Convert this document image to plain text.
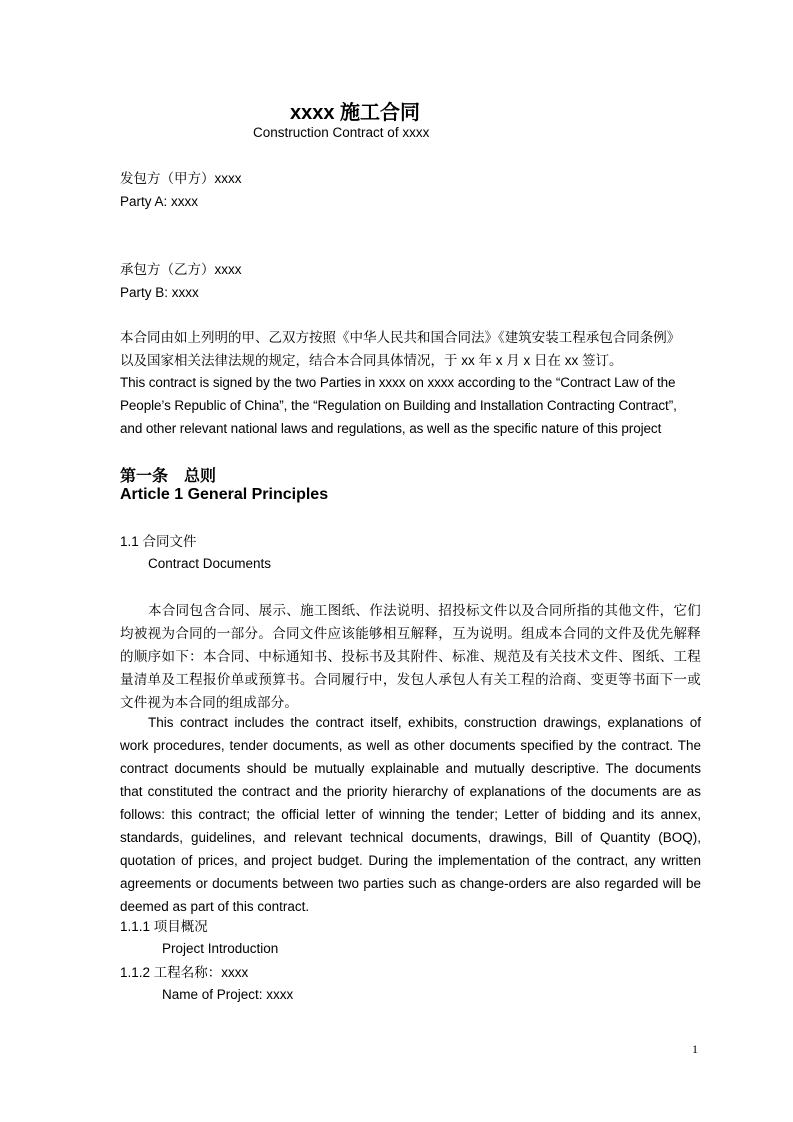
xxxx 施工合同
Construction Contract of xxxx
发包方（甲方）xxxx
Party A: xxxx
承包方（乙方）xxxx
Party B: xxxx
本合同由如上列明的甲、乙双方按照《中华人民共和国合同法》《建筑安装工程承包合同条例》
以及国家相关法律法规的规定，结合本合同具体情况，于 xx 年 x 月 x 日在 xx 签订。
This contract is signed by the two Parties in xxxx on xxxx according to the “Contract Law of the
People’s Republic of China”, the “Regulation on Building and Installation Contracting Contract”,
and other relevant national laws and regulations, as well as the specific nature of this project
第一条　总则
Article 1 General Principles
1.1 合同文件
Contract Documents
本合同包含合同、展示、施工图纸、作法说明、招投标文件以及合同所指的其他文件，它们均被视为合同的一部分。合同文件应该能够相互解释，互为说明。组成本合同的文件及优先解释的顺序如下：本合同、中标通知书、投标书及其附件、标准、规范及有关技术文件、图纸、工程量清单及工程报价单或预算书。合同履行中，发包人承包人有关工程的洽商、变更等书面下一或文件视为本合同的组成部分。
This contract includes the contract itself, exhibits, construction drawings, explanations of work procedures, tender documents, as well as other documents specified by the contract. The contract documents should be mutually explainable and mutually descriptive. The documents that constituted the contract and the priority hierarchy of explanations of the documents are as follows: this contract; the official letter of winning the tender; Letter of bidding and its annex, standards, guidelines, and relevant technical documents, drawings, Bill of Quantity (BOQ), quotation of prices, and project budget. During the implementation of the contract, any written agreements or documents between two parties such as change-orders are also regarded will be deemed as part of this contract.
1.1.1 项目概况
Project Introduction
1.1.2 工程名称：xxxx
Name of Project: xxxx
1
